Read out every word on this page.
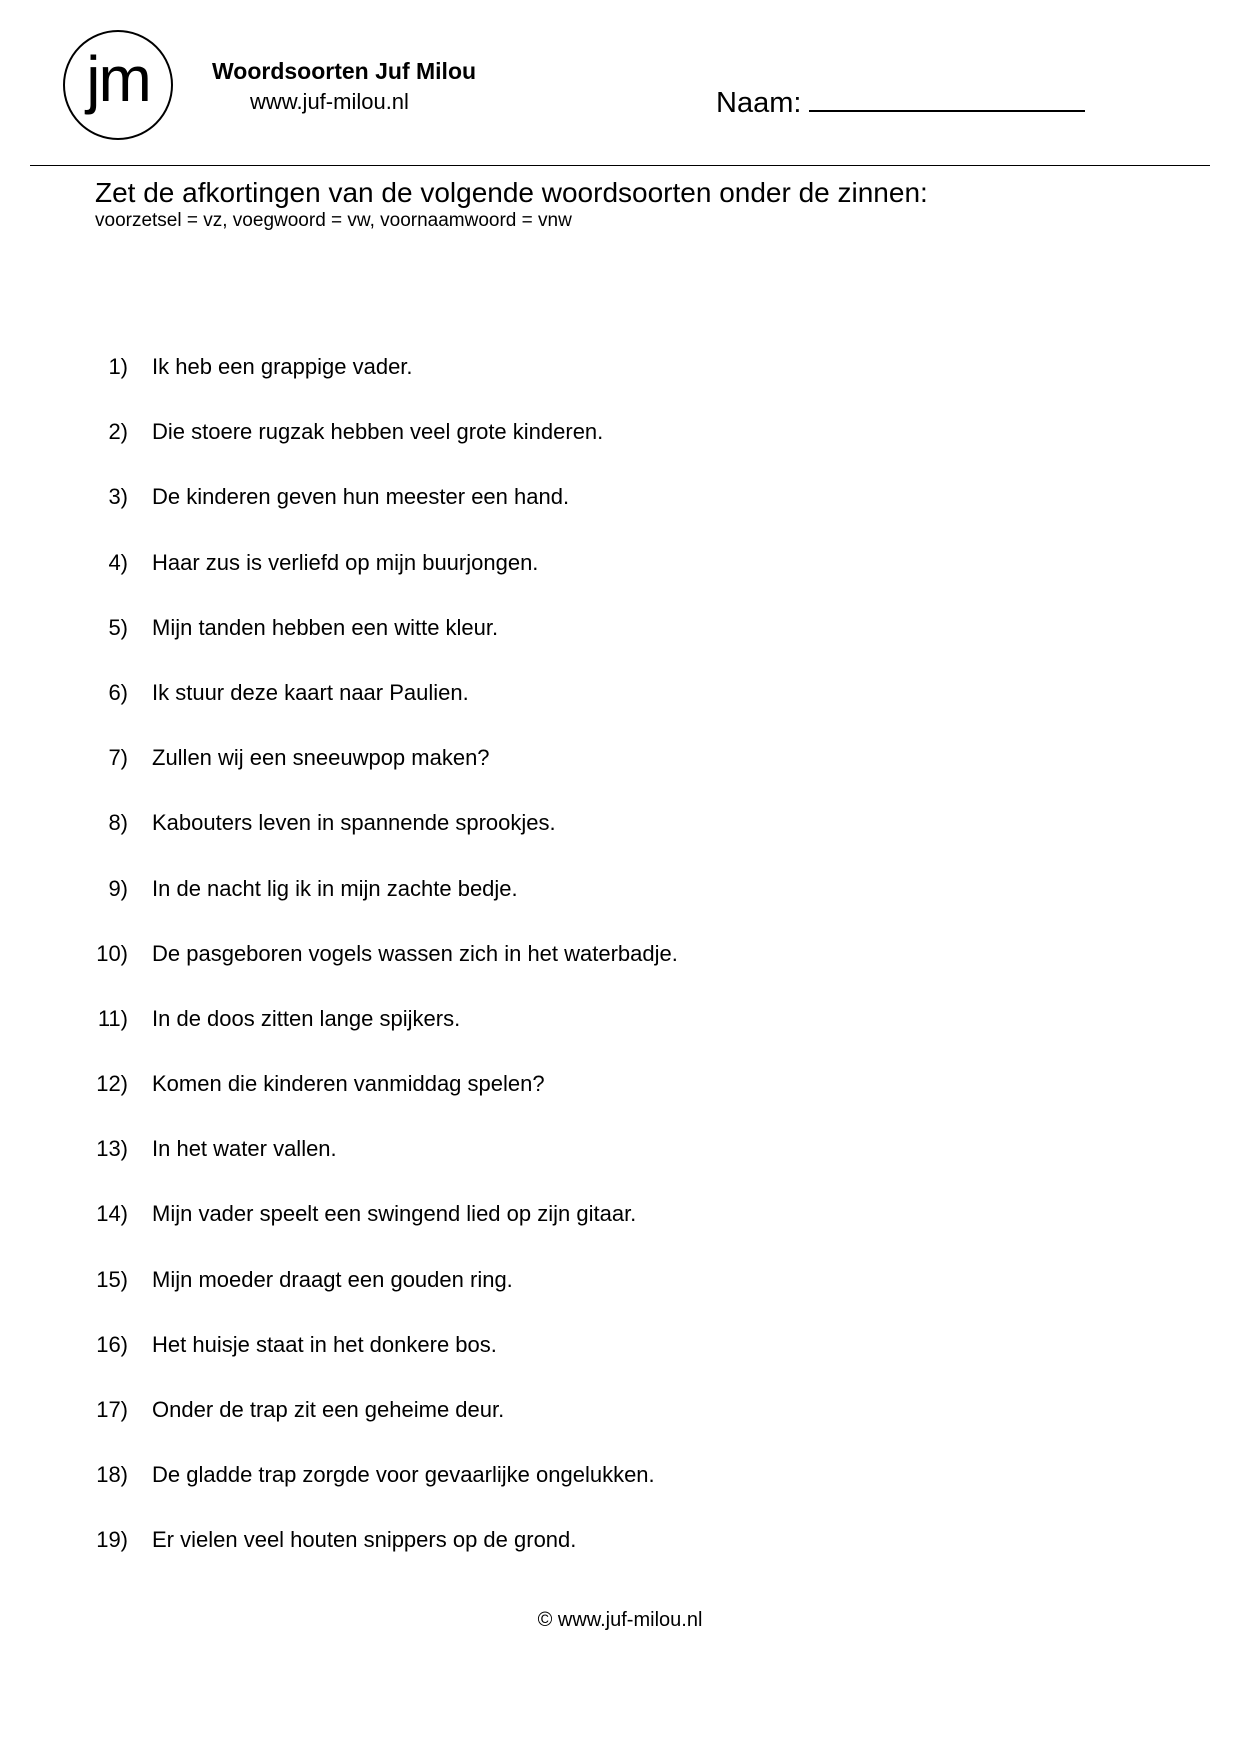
jm	Woordsoorten Juf Milou
www.juf-milou.nl	Naam:
Zet de afkortingen van de volgende woordsoorten onder de zinnen:
voorzetsel = vz, voegwoord = vw, voornaamwoord = vnw
1) Ik heb een grappige vader.
2) Die stoere rugzak hebben veel grote kinderen.
3) De kinderen geven hun meester een hand.
4) Haar zus is verliefd op mijn buurjongen.
5) Mijn tanden hebben een witte kleur.
6) Ik stuur deze kaart naar Paulien.
7) Zullen wij een sneeuwpop maken?
8) Kabouters leven in spannende sprookjes.
9) In de nacht lig ik in mijn zachte bedje.
10) De pasgeboren vogels wassen zich in het waterbadje.
11) In de doos zitten lange spijkers.
12) Komen die kinderen vanmiddag spelen?
13) In het water vallen.
14) Mijn vader speelt een swingend lied op zijn gitaar.
15) Mijn moeder draagt een gouden ring.
16) Het huisje staat in het donkere bos.
17) Onder de trap zit een geheime deur.
18) De gladde trap zorgde voor gevaarlijke ongelukken.
19) Er vielen veel houten snippers op de grond.
© www.juf-milou.nl
